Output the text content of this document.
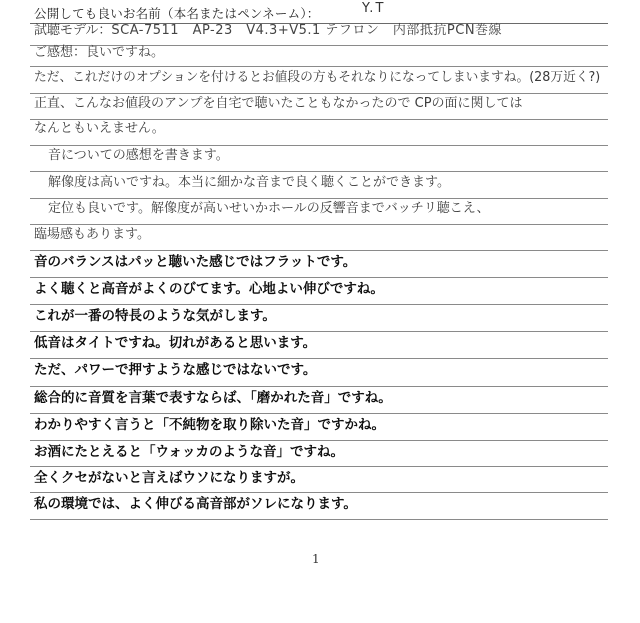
公開しても良いお名前（本名またはペンネーム）：	Y.T
試聴モデル：SCA-7511　AP-23　V4.3+V5.1 テフロン　内部抵抗PCN巻線
ご感想：良いですね。
ただ、これだけのオプションを付けるとお値段の方もそれなりになってしまいますね。(28万近く?)
正直、こんなお値段のアンプを自宅で聴いたこともなかったので CPの面に関しては
なんともいえません。
音についての感想を書きます。
解像度は高いですね。本当に細かな音まで良く聴くことができます。
定位も良いです。解像度が高いせいかホールの反響音までバッチリ聴こえ、
臨場感もあります。
音のバランスはパッと聴いた感じではフラットです。
よく聴くと高音がよくのびてます。心地よい伸びですね。
これが一番の特長のような気がします。
低音はタイトですね。切れがあると思います。
ただ、パワーで押すような感じではないです。
総合的に音質を言葉で表すならば、「磨かれた音」ですね。
わかりやすく言うと「不純物を取り除いた音」ですかね。
お酒にたとえると「ウォッカのような音」ですね。
全くクセがないと言えばウソになりますが。
私の環境では、よく伸びる高音部がソレになります。
1
